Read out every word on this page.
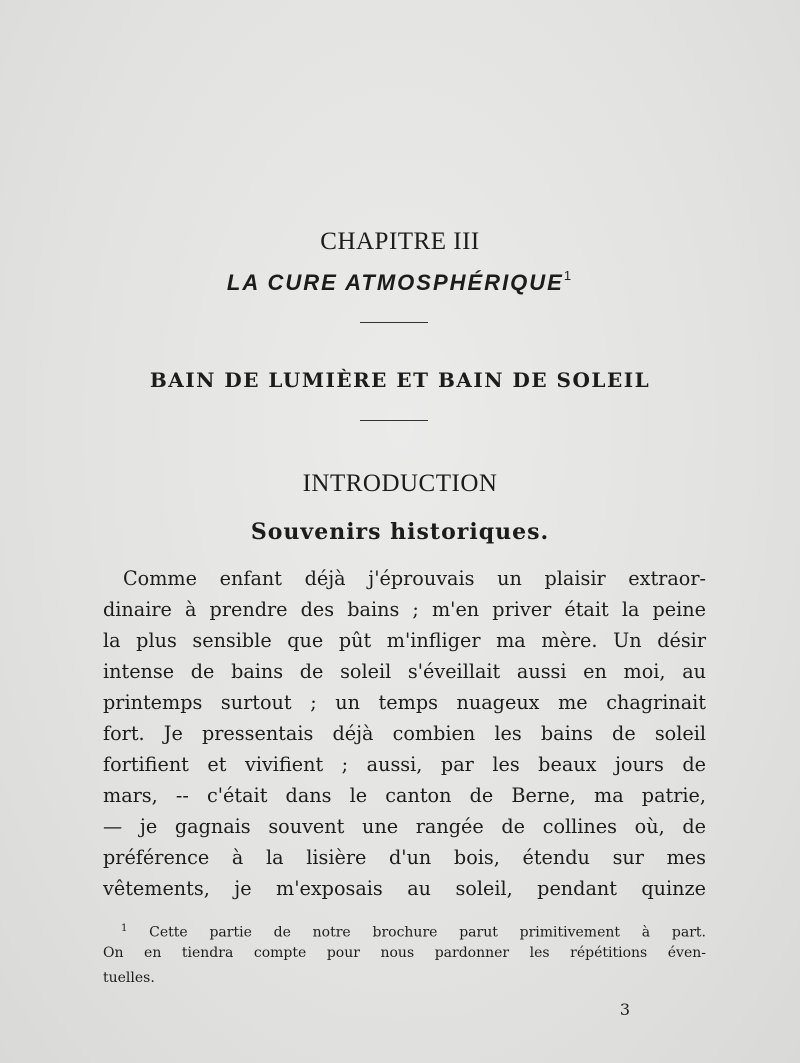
CHAPITRE III
LA CURE ATMOSPHÉRIQUE$^1$
BAIN DE LUMIÈRE ET BAIN DE SOLEIL
INTRODUCTION
Souvenirs historiques.
Comme enfant déjà j'éprouvais un plaisir extraor-
dinaire à prendre des bains ; m'en priver était la peine
la plus sensible que pût m'infliger ma mère. Un désir
intense de bains de soleil s'éveillait aussi en moi, au
printemps surtout ; un temps nuageux me chagrinait
fort. Je pressentais déjà combien les bains de soleil
fortifient et vivifient ; aussi, par les beaux jours de
mars, -- c'était dans le canton de Berne, ma patrie,
— je gagnais souvent une rangée de collines où, de
préférence à la lisière d'un bois, étendu sur mes
vêtements, je m'exposais au soleil, pendant quinze
$^1$ Cette partie de notre brochure parut primitivement à part.
On en tiendra compte pour nous pardonner les répétitions éven-
tuelles.
3
